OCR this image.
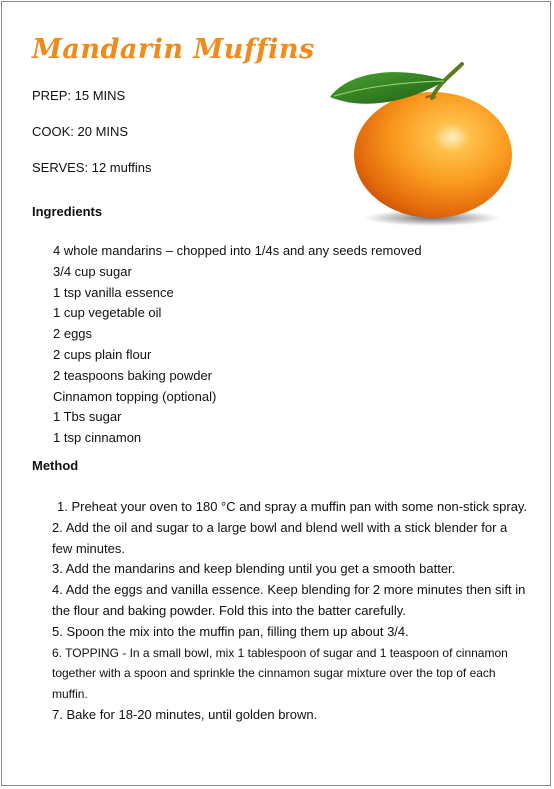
Mandarin Muffins
PREP: 15 MINS
COOK: 20 MINS
SERVES: 12 muffins
Ingredients
4 whole mandarins – chopped into 1/4s and any seeds removed
3/4 cup sugar
1 tsp vanilla essence
1 cup vegetable oil
2 eggs
2 cups plain flour
2 teaspoons baking powder
Cinnamon topping (optional)
1 Tbs sugar
1 tsp cinnamon
Method
1. Preheat your oven to 180 °C and spray a muffin pan with some non-stick spray.
2. Add the oil and sugar to a large bowl and blend well with a stick blender for a few minutes.
3. Add the mandarins and keep blending until you get a smooth batter.
4. Add the eggs and vanilla essence. Keep blending for 2 more minutes then sift in the flour and baking powder. Fold this into the batter carefully.
5. Spoon the mix into the muffin pan, filling them up about 3/4.
6. TOPPING - In a small bowl, mix 1 tablespoon of sugar and 1 teaspoon of cinnamon together with a spoon and sprinkle the cinnamon sugar mixture over the top of each muffin.
7. Bake for 18-20 minutes, until golden brown.
